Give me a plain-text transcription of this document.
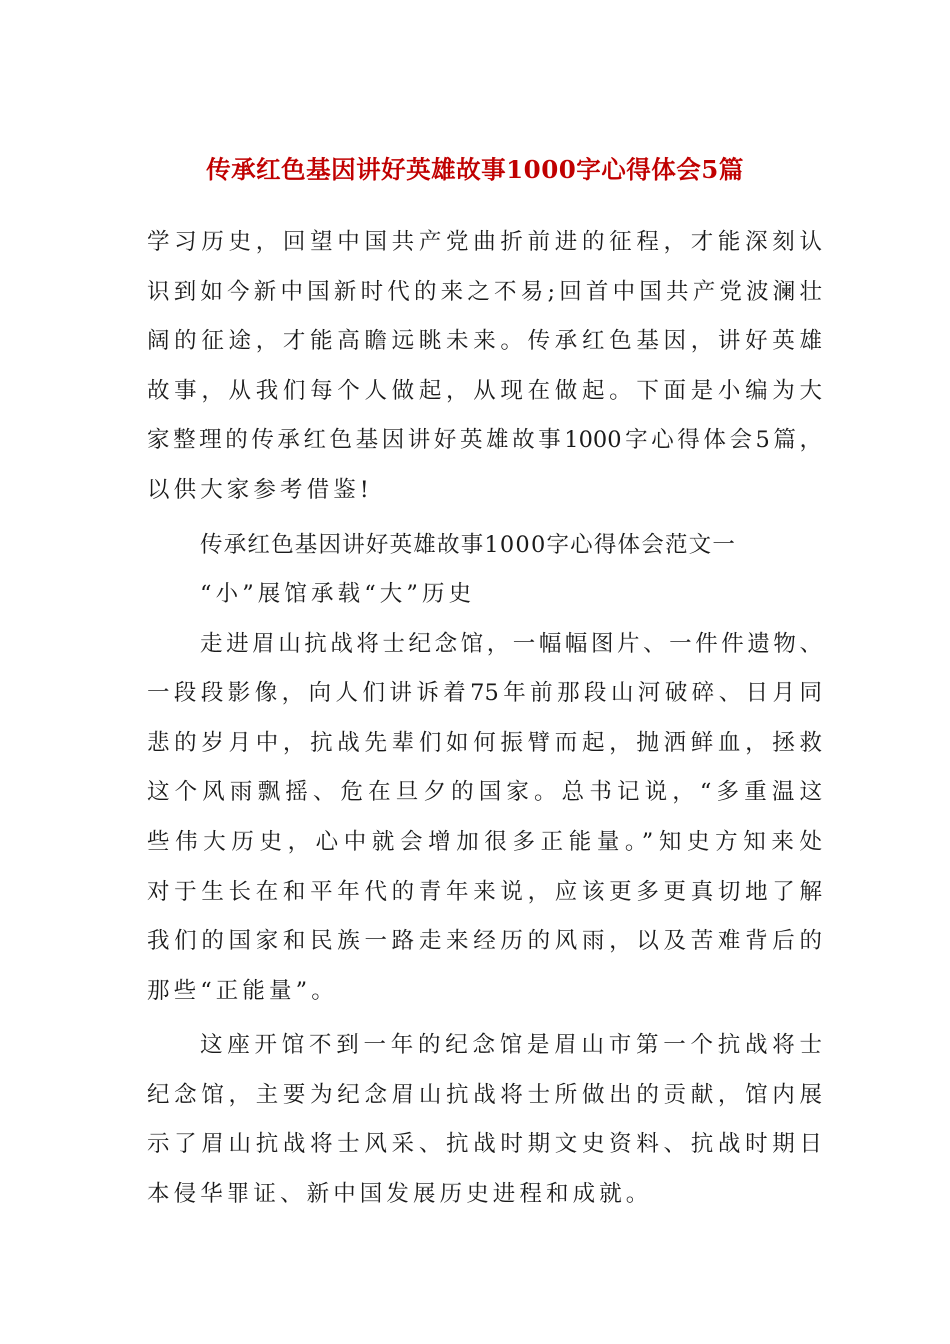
传承红色基因讲好英雄故事1000字心得体会5篇
学习历史，回望中国共产党曲折前进的征程，才能深刻认
识到如今新中国新时代的来之不易;回首中国共产党波澜壮
阔的征途，才能高瞻远眺未来。传承红色基因，讲好英雄
故事，从我们每个人做起，从现在做起。下面是小编为大
家整理的传承红色基因讲好英雄故事1000字心得体会5篇，
以供大家参考借鉴!
传承红色基因讲好英雄故事1000字心得体会范文一
“小”展馆承载“大”历史
走进眉山抗战将士纪念馆，一幅幅图片、一件件遗物、
一段段影像，向人们讲诉着75年前那段山河破碎、日月同
悲的岁月中，抗战先辈们如何振臂而起，抛洒鲜血，拯救
这个风雨飘摇、危在旦夕的国家。总书记说，“多重温这
些伟大历史，心中就会增加很多正能量。”知史方知来处
对于生长在和平年代的青年来说，应该更多更真切地了解
我们的国家和民族一路走来经历的风雨，以及苦难背后的
那些“正能量”。
这座开馆不到一年的纪念馆是眉山市第一个抗战将士
纪念馆，主要为纪念眉山抗战将士所做出的贡献，馆内展
示了眉山抗战将士风采、抗战时期文史资料、抗战时期日
本侵华罪证、新中国发展历史进程和成就。
